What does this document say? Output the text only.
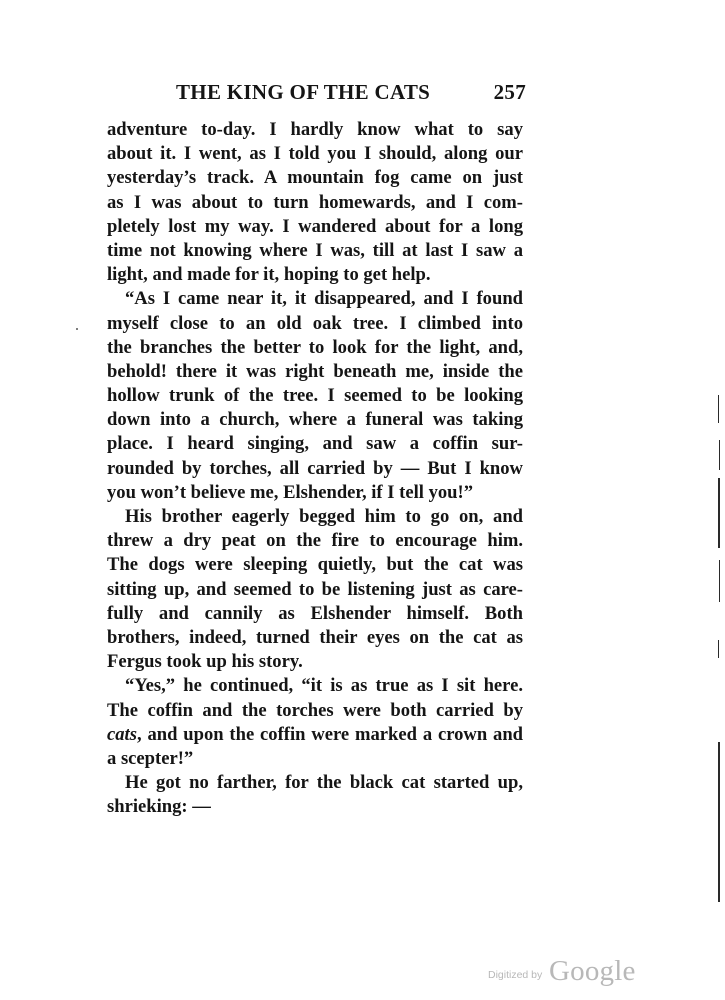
THE KING OF THE CATS	257
adventure to-day. I hardly know what to say
about it. I went, as I told you I should, along our
yesterday’s track. A mountain fog came on just
as I was about to turn homewards, and I com-
pletely lost my way. I wandered about for a long
time not knowing where I was, till at last I saw a
light, and made for it, hoping to get help.
“As I came near it, it disappeared, and I found
myself close to an old oak tree. I climbed into
the branches the better to look for the light, and,
behold! there it was right beneath me, inside the
hollow trunk of the tree. I seemed to be looking
down into a church, where a funeral was taking
place. I heard singing, and saw a coffin sur-
rounded by torches, all carried by — But I know
you won’t believe me, Elshender, if I tell you!”
His brother eagerly begged him to go on, and
threw a dry peat on the fire to encourage him.
The dogs were sleeping quietly, but the cat was
sitting up, and seemed to be listening just as care-
fully and cannily as Elshender himself. Both
brothers, indeed, turned their eyes on the cat as
Fergus took up his story.
“Yes,” he continued, “it is as true as I sit here.
The coffin and the torches were both carried by
cats, and upon the coffin were marked a crown and
a scepter!”
He got no farther, for the black cat started up,
shrieking: —
Digitized by Google
